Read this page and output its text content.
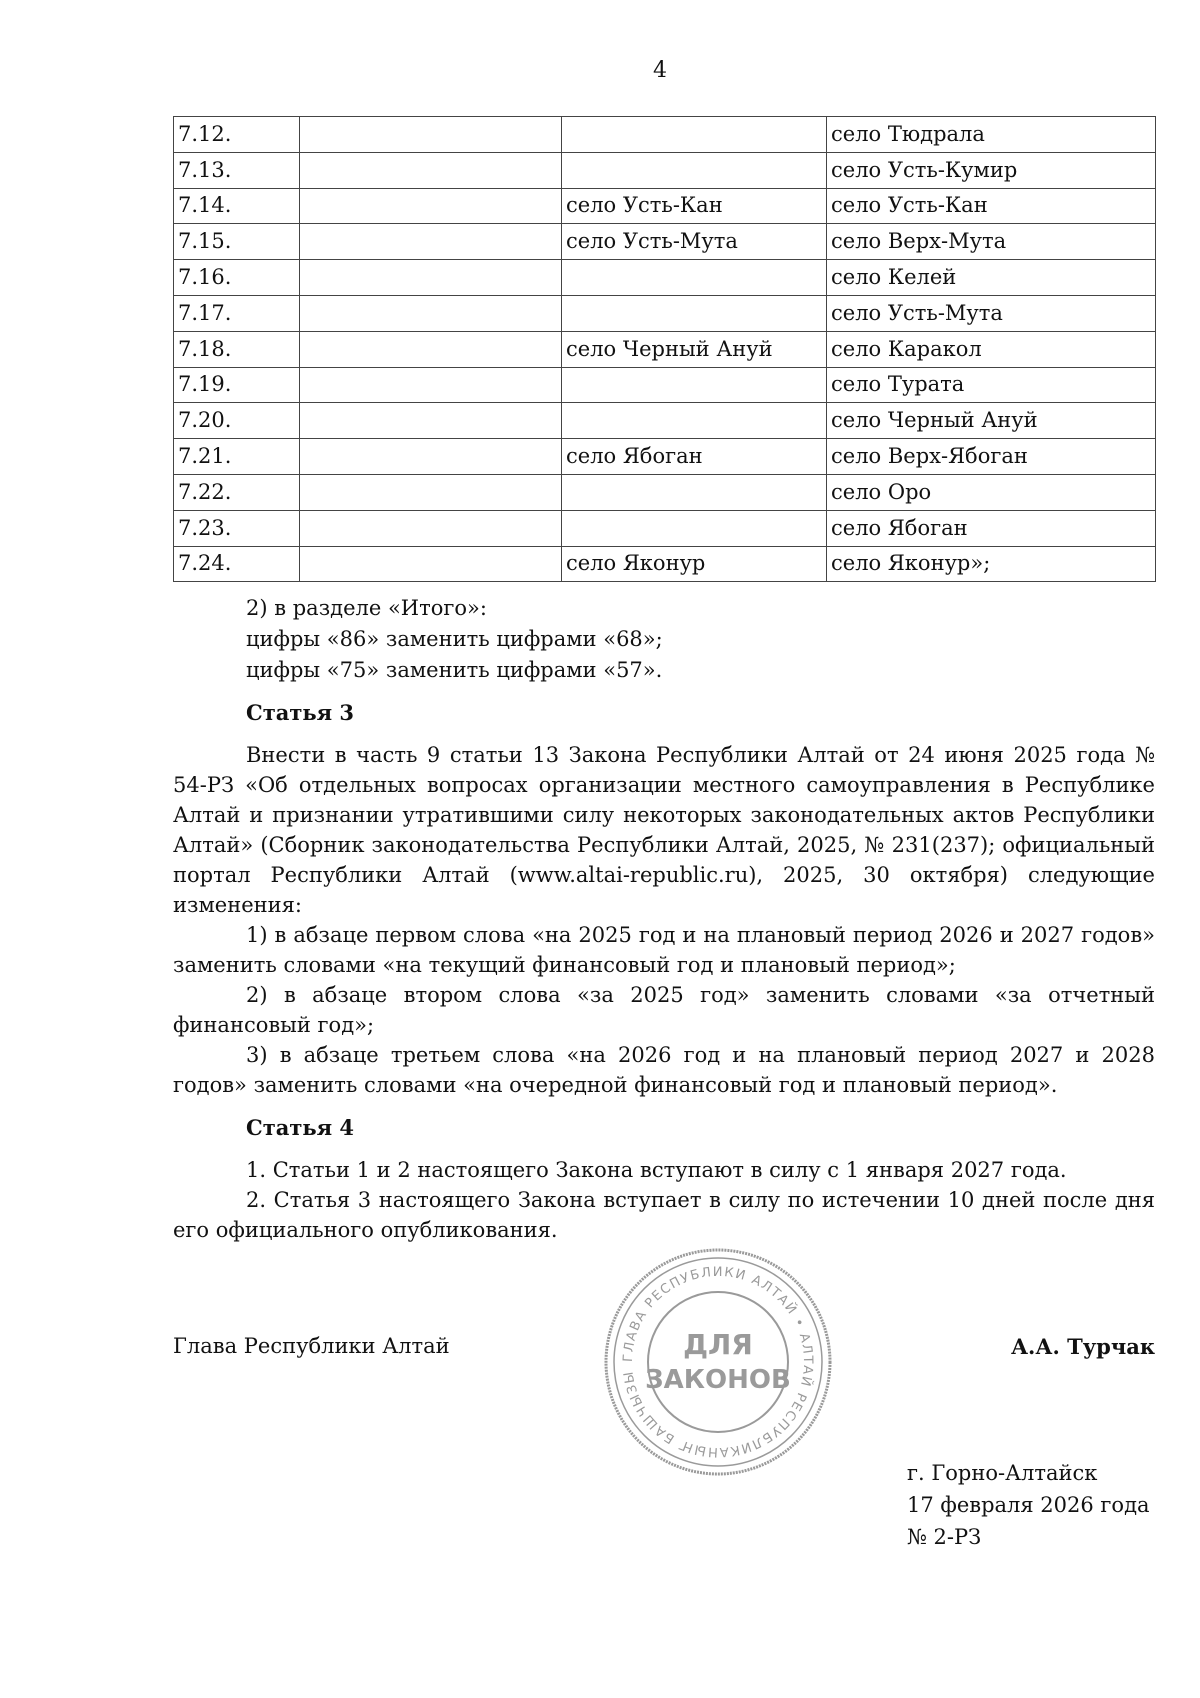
4
7.12.			село Тюдрала
7.13.			село Усть-Кумир
7.14.		село Усть-Кан	село Усть-Кан
7.15.		село Усть-Мута	село Верх-Мута
7.16.			село Келей
7.17.			село Усть-Мута
7.18.		село Черный Ануй	село Каракол
7.19.			село Турата
7.20.			село Черный Ануй
7.21.		село Ябоган	село Верх-Ябоган
7.22.			село Оро
7.23.			село Ябоган
7.24.		село Яконур	село Яконур»;
2) в разделе «Итого»:
цифры «86» заменить цифрами «68»;
цифры «75» заменить цифрами «57».
Статья 3

Внести в часть 9 статьи 13 Закона Республики Алтай от 24 июня 2025 года № 54-РЗ «Об отдельных вопросах организации местного самоуправления в Республике Алтай и признании утратившими силу некоторых законодательных актов Республики Алтай» (Сборник законодательства Республики Алтай, 2025, № 231(237); официальный портал Республики Алтай (www.altai-republic.ru), 2025, 30 октября) следующие изменения:

1) в абзаце первом слова «на 2025 год и на плановый период 2026 и 2027 годов» заменить словами «на текущий финансовый год и плановый период»;

2) в абзаце втором слова «за 2025 год» заменить словами «за отчетный финансовый год»;

3) в абзаце третьем слова «на 2026 год и на плановый период 2027 и 2028 годов» заменить словами «на очередной финансовый год и плановый период».

Статья 4

1. Статьи 1 и 2 настоящего Закона вступают в силу с 1 января 2027 года.

2. Статья 3 настоящего Закона вступает в силу по истечении 10 дней после дня его официального опубликования.

ГЛАВА РЕСПУБЛИКИ АЛТАЙ • АЛТАЙ РЕСПУБЛИКАНЫҤ БАШЧЫЗЫ
ДЛЯ
ЗАКОНОВ
Глава Республики Алтай	А.А. Турчак
г. Горно-Алтайск
17 февраля 2026 года
№ 2-РЗ
